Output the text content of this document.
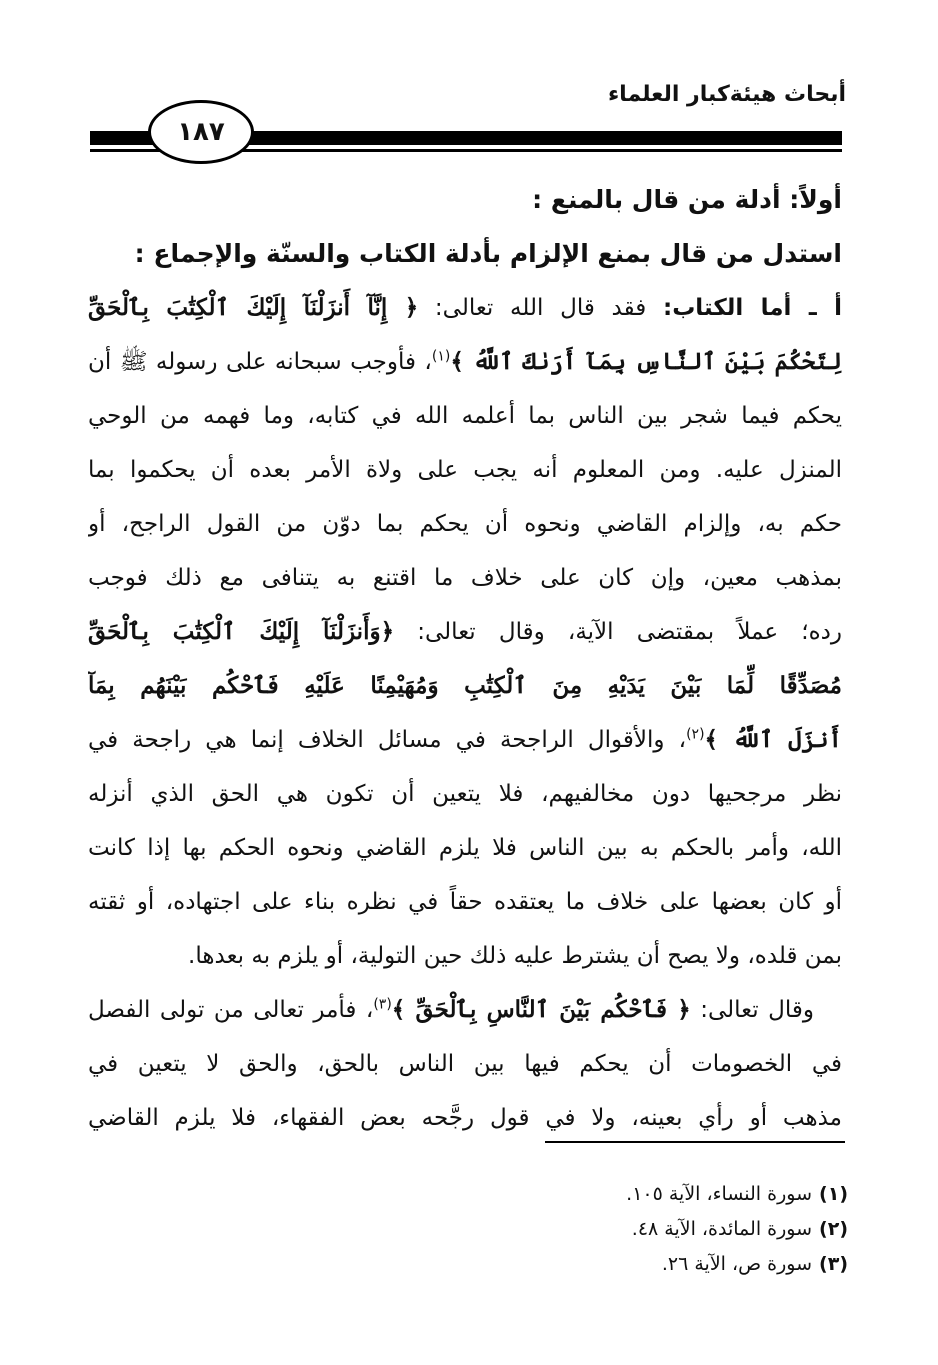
أبحاث هيئةكبار العلماء
١٨٧
أولاً: أدلة من قال بالمنع :
استدل من قال بمنع الإلزام بأدلة الكتاب والسنّة والإجماع :
أ ـ أما الكتاب: فقد قال الله تعالى: ﴿ إِنَّآ أَنزَلْنَآ إِلَيْكَ ٱلْكِتَٰبَ بِٱلْحَقِّ
لِتَحْكُمَ بَيْنَ ٱلنَّاسِ بِمَآ أَرَىٰكَ ٱللَّهُ ﴾$^{(١)}$، فأوجب سبحانه على رسوله ﷺ أن
يحكم فيما شجر بين الناس بما أعلمه الله في كتابه، وما فهمه من الوحي
المنزل عليه. ومن المعلوم أنه يجب على ولاة الأمر بعده أن يحكموا بما
حكم به، وإلزام القاضي ونحوه أن يحكم بما دوّن من القول الراجح، أو
بمذهب معين، وإن كان على خلاف ما اقتنع به يتنافى مع ذلك فوجب
رده؛ عملاً بمقتضى الآية، وقال تعالى: ﴿وَأَنزَلْنَآ إِلَيْكَ ٱلْكِتَٰبَ بِٱلْحَقِّ
مُصَدِّقًا لِّمَا بَيْنَ يَدَيْهِ مِنَ ٱلْكِتَٰبِ وَمُهَيْمِنًا عَلَيْهِ فَٱحْكُم بَيْنَهُم بِمَآ
أَنزَلَ ٱللَّهُ ﴾$^{(٢)}$، والأقوال الراجحة في مسائل الخلاف إنما هي راجحة في
نظر مرجحيها دون مخالفيهم، فلا يتعين أن تكون هي الحق الذي أنزله
الله، وأمر بالحكم به بين الناس فلا يلزم القاضي ونحوه الحكم بها إذا كانت
أو كان بعضها على خلاف ما يعتقده حقاً في نظره بناء على اجتهاده، أو ثقته
بمن قلده، ولا يصح أن يشترط عليه ذلك حين التولية، أو يلزم به بعدها.
وقال تعالى: ﴿ فَٱحْكُم بَيْنَ ٱلنَّاسِ بِٱلْحَقِّ ﴾$^{(٣)}$، فأمر تعالى من تولى الفصل
في الخصومات أن يحكم فيها بين الناس بالحق، والحق لا يتعين في
مذهب أو رأي بعينه، ولا في قول رجَّحه بعض الفقهاء، فلا يلزم القاضي
(١)سورة النساء، الآية ١٠٥.
(٢)سورة المائدة، الآية ٤٨.
(٣)سورة ص، الآية ٢٦.
